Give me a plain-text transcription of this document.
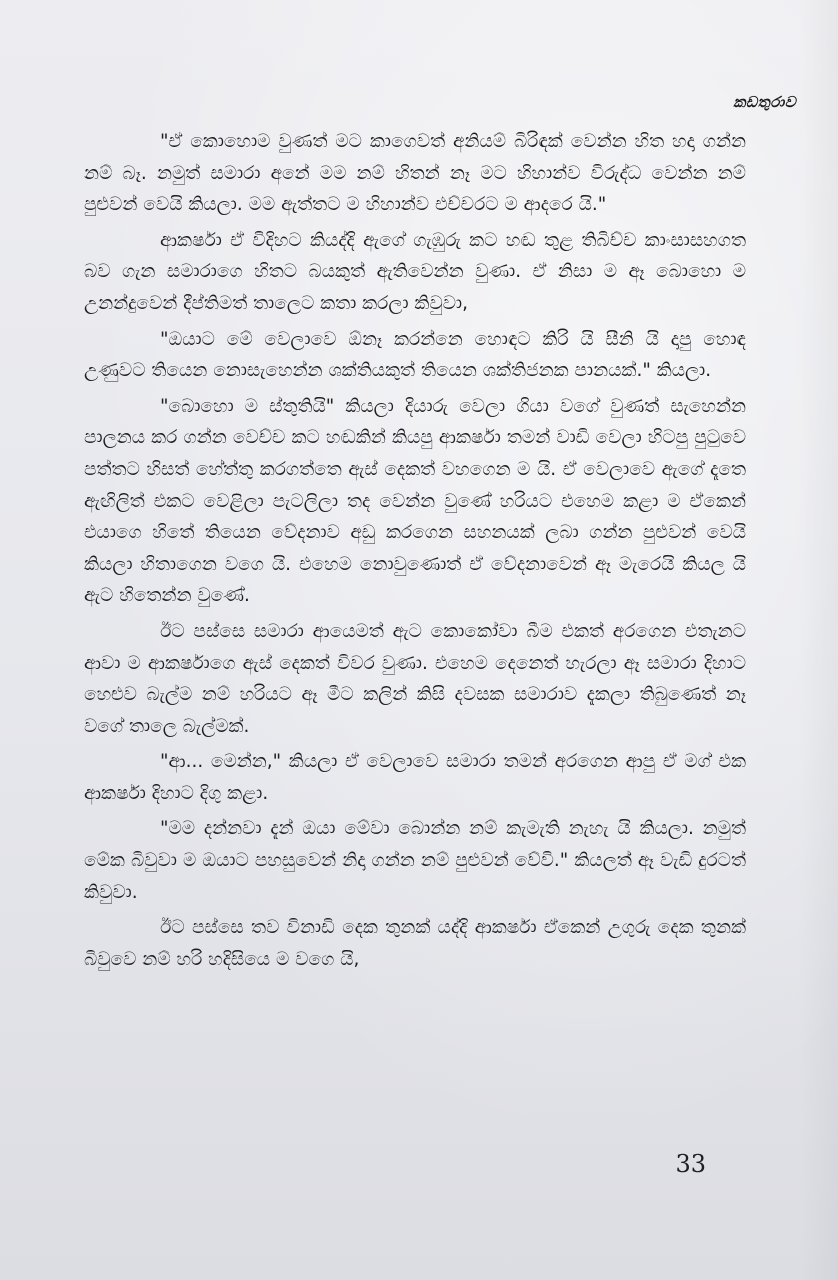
කඩතුරාව

"ඒ කොහොම වුණත් මට කාගෙවත් අනියම් බිරිඳක් වෙන්න හිත හදා ගන්න නම් බෑ. නමුත් සමාරා අනේ මම නම් හිතන් නෑ මට හිහාන්ව විරුද්ධ වෙන්න නම් පුළුවන් වෙයි කියලා. මම ඇත්තට ම හිහාන්ව එච්චරට ම ආදරෙ යි."

ආකර්ෂා ඒ විදිහට කියද්දි ඇගේ ගැඹුරු කට හඬ තුළ තිබිච්ච කාංසාසහගත බව ගැන සමාරාගෙ හිතට බයකුත් ඇතිවෙන්න වුණා. ඒ නිසා ම ඈ බොහො ම උනන්දුවෙන් දීප්තිමත් තාලෙට කතා කරලා කිවුවා,

"ඔයාට මේ වෙලාවෙ ඕනෑ කරන්නෙ හොඳට කිරි යි සීනි යි දාපු හොඳ උණුවට තියෙන නොසැහෙන්න ශක්තියකුත් තියෙන ශක්තිජනක පානයක්." කියලා.

"බොහො ම ස්තුතියි" කියලා දියාරු වෙලා ගියා වගේ වුණත් සැහෙන්න පාලනය කර ගන්න වෙච්ච කට හඬකින් කියපු ආකර්ෂා තමන් වාඩි වෙලා හිටපු පුටුවෙ පත්තට හිසත් හේත්තු කරගත්තෙ ඇස් දෙකත් වහගෙන ම යි. ඒ වෙලාවෙ ඇගේ දෑතෙ ඇඟිලිත් එකට වෙළිලා පැටලිලා තද වෙන්න වුණේ හරියට එහෙම කළා ම ඒකෙන් එයාගෙ හිතේ තියෙන වේදනාව අඩු කරගෙන සහනයක් ලබා ගන්න පුළුවන් වෙයි කියලා හිතාගෙන වගෙ යි. එහෙම නොවුණොත් ඒ වේදනාවෙන් ඈ මැරෙයි කියල යි ඇට හිතෙන්න වුණේ.

ඊට පස්සෙ සමාරා ආයෙමත් ඇට කොකෝවා බීම එකත් අරගෙන එතැනට ආවා ම ආකර්ෂාගෙ ඇස් දෙකත් විවර වුණා. එහෙම දෙනෙත් හැරලා ඈ සමාරා දිහාට හෙළුව බැල්ම නම් හරියට ඈ මීට කලින් කිසි දවසක සමාරාව දැකලා තිබුණෙත් නෑ වගේ තාලෙ බැල්මක්.

"ආ... මෙන්න," කියලා ඒ වෙලාවෙ සමාරා තමන් අරගෙන ආපු ඒ මග් එක ආකර්ෂා දිහාට දිගු කළා.

"මම දන්නවා දැන් ඔයා මේවා බොන්න නම් කැමැති නැහැ යි කියලා. නමුත් මේක බිවුවා ම ඔයාට පහසුවෙන් නිදා ගන්න නම් පුළුවන් වේවි." කියලත් ඈ වැඩි දුරටත් කිවුවා.

ඊට පස්සෙ තව විනාඩි දෙක තුනක් යද්දි ආකර්ෂා ඒකෙන් උගුරු දෙක තුනක් බිවුවෙ නම් හරි හදිසියෙ ම වගෙ යි,

33
